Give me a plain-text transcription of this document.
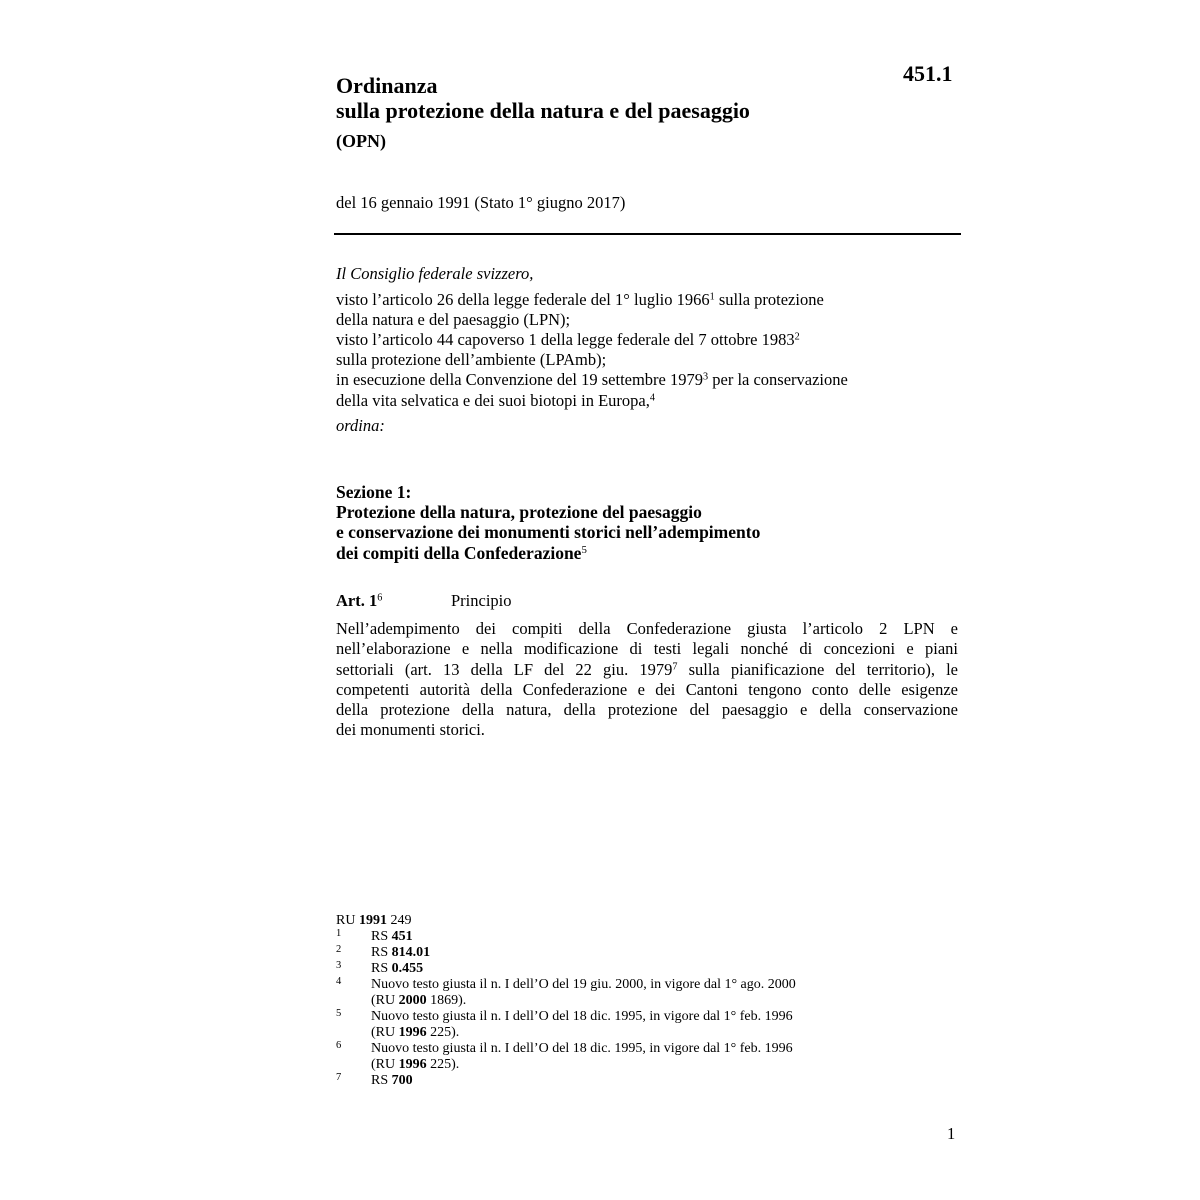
451.1
Ordinanza
sulla protezione della natura e del paesaggio
(OPN)
del 16 gennaio 1991 (Stato 1° giugno 2017)
Il Consiglio federale svizzero,
visto l’articolo 26 della legge federale del 1° luglio 1966$^1$ sulla protezione
della natura e del paesaggio (LPN);
visto l’articolo 44 capoverso 1 della legge federale del 7 ottobre 1983$^2$
sulla protezione dell’ambiente (LPAmb);
in esecuzione della Convenzione del 19 settembre 1979$^3$ per la conservazione
della vita selvatica e dei suoi biotopi in Europa,$^4$
ordina:
Sezione 1:
Protezione della natura, protezione del paesaggio
e conservazione dei monumenti storici nell’adempimento
dei compiti della Confederazione$^5$
Art. $1^6$	Principio
Nell’adempimento dei compiti della Confederazione giusta l’articolo 2 LPN e
nell’elaborazione e nella modificazione di testi legali nonché di concezioni e piani
settoriali (art. 13 della LF del 22 giu. 1979$^7$ sulla pianificazione del territorio), le
competenti autorità della Confederazione e dei Cantoni tengono conto delle esigenze
della protezione della natura, della protezione del paesaggio e della conservazione
dei monumenti storici.
RU 1991 249
1 RS 451
2 RS 814.01
3 RS 0.455
4 Nuovo testo giusta il n. I dell’O del 19 giu. 2000, in vigore dal 1° ago. 2000
(RU 2000 1869).
5 Nuovo testo giusta il n. I dell’O del 18 dic. 1995, in vigore dal 1° feb. 1996
(RU 1996 225).
6 Nuovo testo giusta il n. I dell’O del 18 dic. 1995, in vigore dal 1° feb. 1996
(RU 1996 225).
7 RS 700
1
